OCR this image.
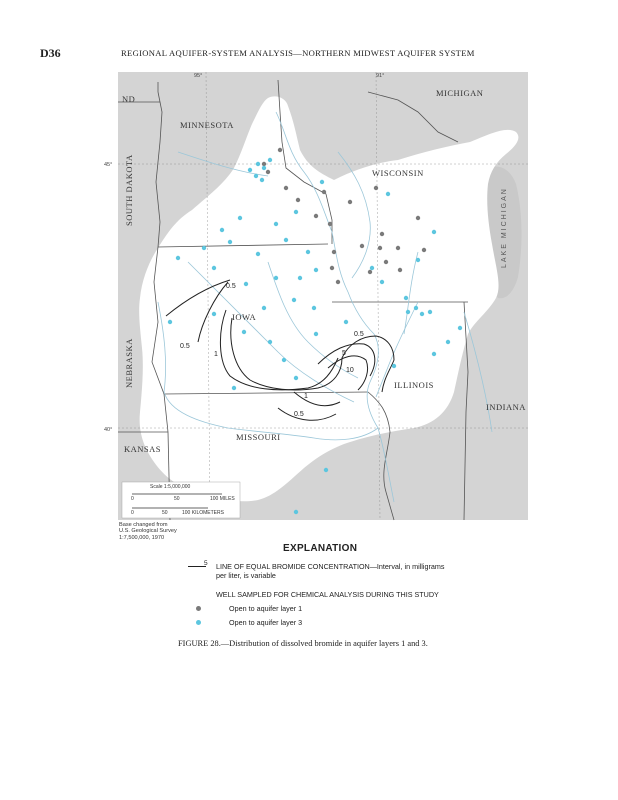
D36	REGIONAL AQUIFER-SYSTEM ANALYSIS—NORTHERN MIDWEST AQUIFER SYSTEM
0.5
0.5
1
0.5
5
10
1
0.5
ND
MINNESOTA
MICHIGAN
WISCONSIN
IOWA
ILLINOIS
INDIANA
MISSOURI
KANSAS
SOUTH DAKOTA
NEBRASKA
LAKE MICHIGAN
95°	91°
45°
40°
Scale 1:5,000,000
0	50	100 MILES
0	50	100 KILOMETERS
Base changed from
U.S. Geological Survey
1:7,500,000, 1970
EXPLANATION
5 LINE OF EQUAL BROMIDE CONCENTRATION—Interval, in milligrams per liter, is variable
WELL SAMPLED FOR CHEMICAL ANALYSIS DURING THIS STUDY
Open to aquifer layer 1
Open to aquifer layer 3
FIGURE 28.—Distribution of dissolved bromide in aquifer layers 1 and 3.
